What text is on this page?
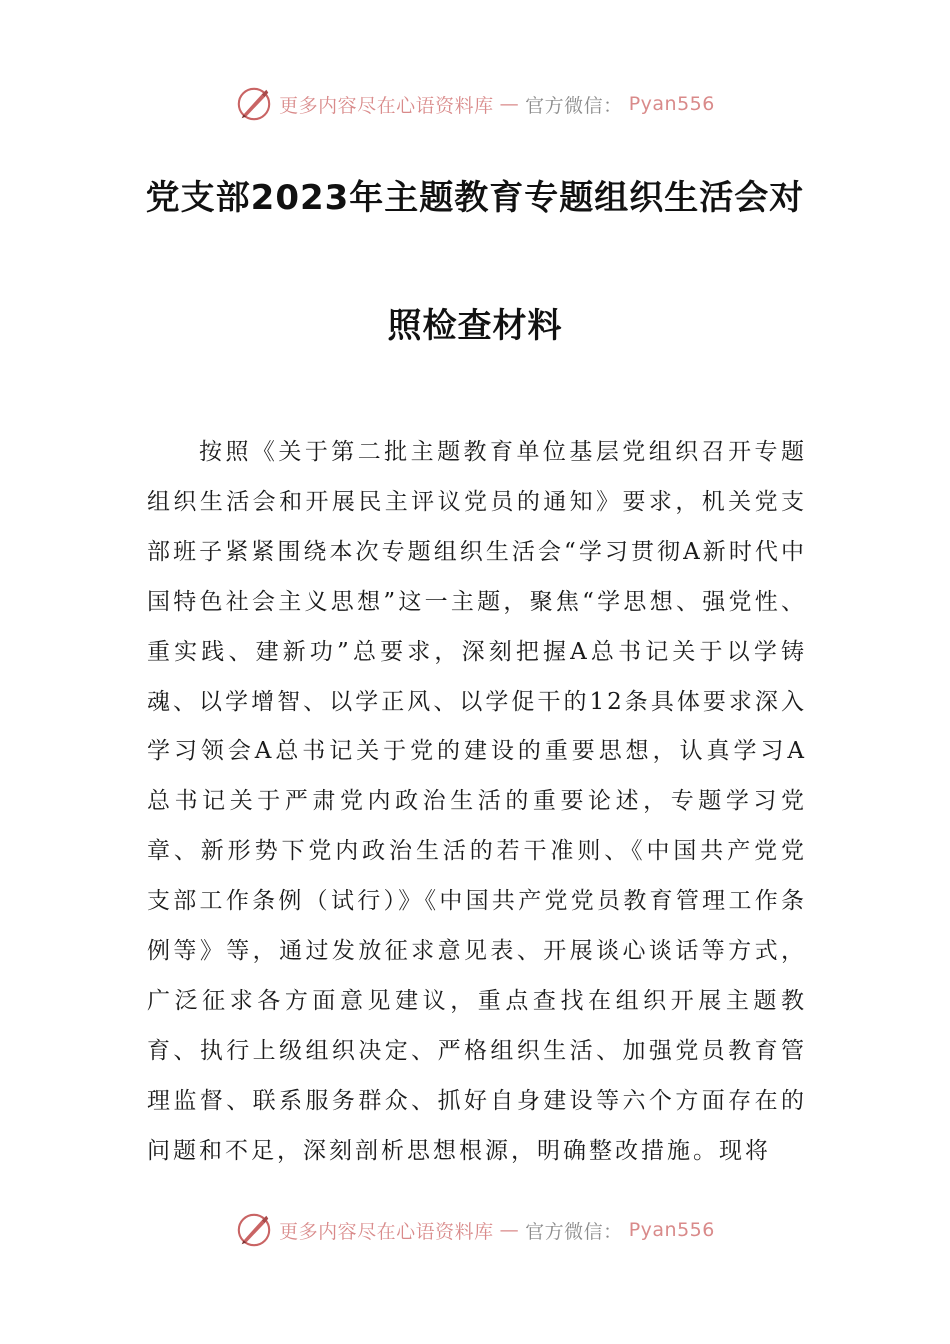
更多内容尽在心语资料库 — 官方微信： Pyan556
党支部2023年主题教育专题组织生活会对
照检查材料

按照《关于第二批主题教育单位基层党组织召开专题组织生活会和开展民主评议党员的通知》要求，机关党支部班子紧紧围绕本次专题组织生活会“学习贯彻A新时代中国特色社会主义思想”这一主题，聚焦“学思想、强党性、重实践、建新功”总要求，深刻把握A总书记关于以学铸魂、以学增智、以学正风、以学促干的12条具体要求深入学习领会A总书记关于党的建设的重要思想，认真学习A总书记关于严肃党内政治生活的重要论述，专题学习党章、新形势下党内政治生活的若干准则、《中国共产党党支部工作条例（试行）》《中国共产党党员教育管理工作条例等》等，通过发放征求意见表、开展谈心谈话等方式，广泛征求各方面意见建议，重点查找在组织开展主题教育、执行上级组织决定、严格组织生活、加强党员教育管理监督、联系服务群众、抓好自身建设等六个方面存在的问题和不足，深刻剖析思想根源，明确整改措施。现将

更多内容尽在心语资料库 — 官方微信： Pyan556
